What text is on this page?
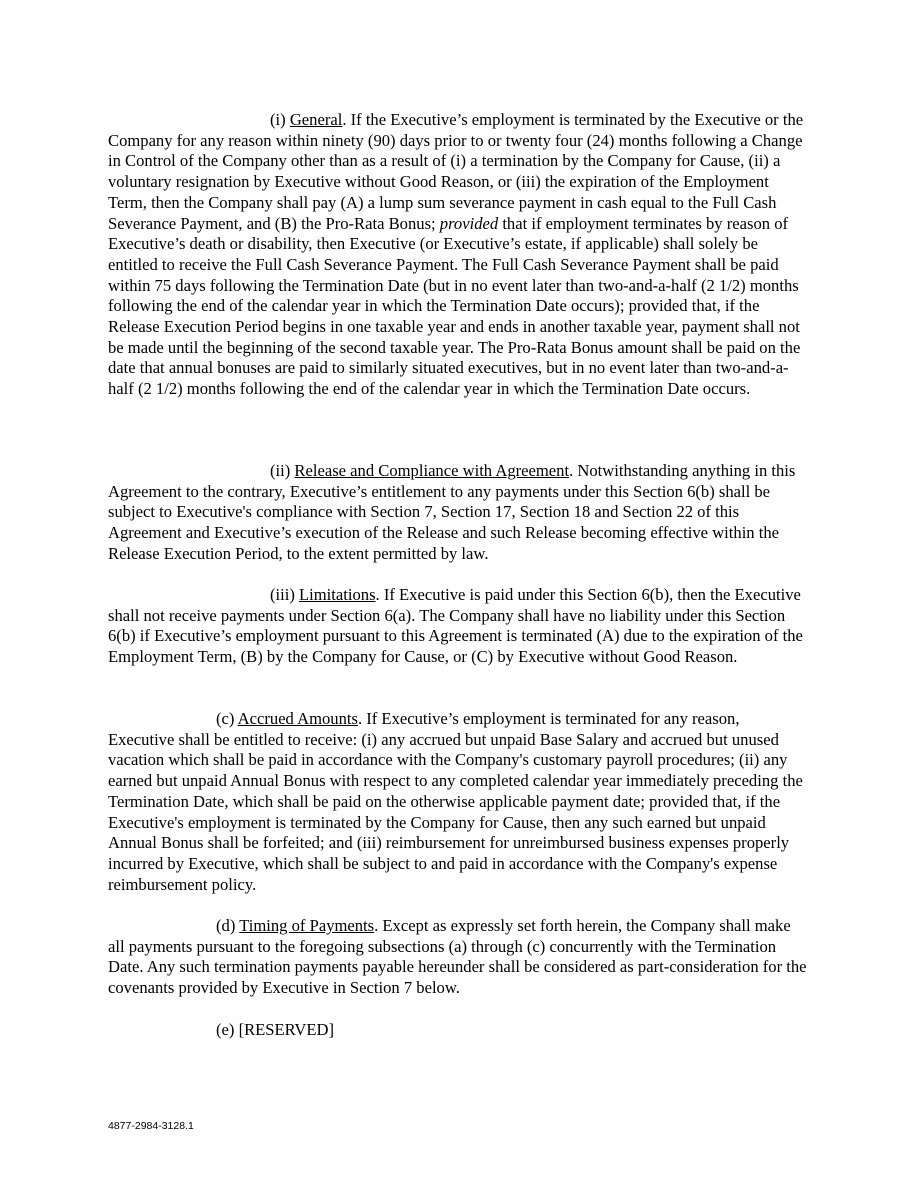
(i) General. If the Executive’s employment is terminated by the Executive or the Company for any reason within ninety (90) days prior to or twenty four (24) months following a Change in Control of the Company other than as a result of (i) a termination by the Company for Cause, (ii) a voluntary resignation by Executive without Good Reason, or (iii) the expiration of the Employment Term, then the Company shall pay (A) a lump sum severance payment in cash equal to the Full Cash Severance Payment, and (B) the Pro-Rata Bonus; provided that if employment terminates by reason of Executive’s death or disability, then Executive (or Executive’s estate, if applicable) shall solely be entitled to receive the Full Cash Severance Payment. The Full Cash Severance Payment shall be paid within 75 days following the Termination Date (but in no event later than two-and-a-half (2 1/2) months following the end of the calendar year in which the Termination Date occurs); provided that, if the Release Execution Period begins in one taxable year and ends in another taxable year, payment shall not be made until the beginning of the second taxable year. The Pro-Rata Bonus amount shall be paid on the date that annual bonuses are paid to similarly situated executives, but in no event later than two-and-a-half (2 1/2) months following the end of the calendar year in which the Termination Date occurs.

(ii) Release and Compliance with Agreement. Notwithstanding anything in this Agreement to the contrary, Executive’s entitlement to any payments under this Section 6(b) shall be subject to Executive's compliance with Section 7, Section 17, Section 18 and Section 22 of this Agreement and Executive’s execution of the Release and such Release becoming effective within the Release Execution Period, to the extent permitted by law.

(iii) Limitations. If Executive is paid under this Section 6(b), then the Executive shall not receive payments under Section 6(a). The Company shall have no liability under this Section 6(b) if Executive’s employment pursuant to this Agreement is terminated (A) due to the expiration of the Employment Term, (B) by the Company for Cause, or (C) by Executive without Good Reason.

(c) Accrued Amounts. If Executive’s employment is terminated for any reason, Executive shall be entitled to receive: (i) any accrued but unpaid Base Salary and accrued but unused vacation which shall be paid in accordance with the Company's customary payroll procedures; (ii) any earned but unpaid Annual Bonus with respect to any completed calendar year immediately preceding the Termination Date, which shall be paid on the otherwise applicable payment date; provided that, if the Executive's employment is terminated by the Company for Cause, then any such earned but unpaid Annual Bonus shall be forfeited; and (iii) reimbursement for unreimbursed business expenses properly incurred by Executive, which shall be subject to and paid in accordance with the Company's expense reimbursement policy.

(d) Timing of Payments. Except as expressly set forth herein, the Company shall make all payments pursuant to the foregoing subsections (a) through (c) concurrently with the Termination Date. Any such termination payments payable hereunder shall be considered as part-consideration for the covenants provided by Executive in Section 7 below.

(e) [RESERVED]

4877-2984-3128.1
